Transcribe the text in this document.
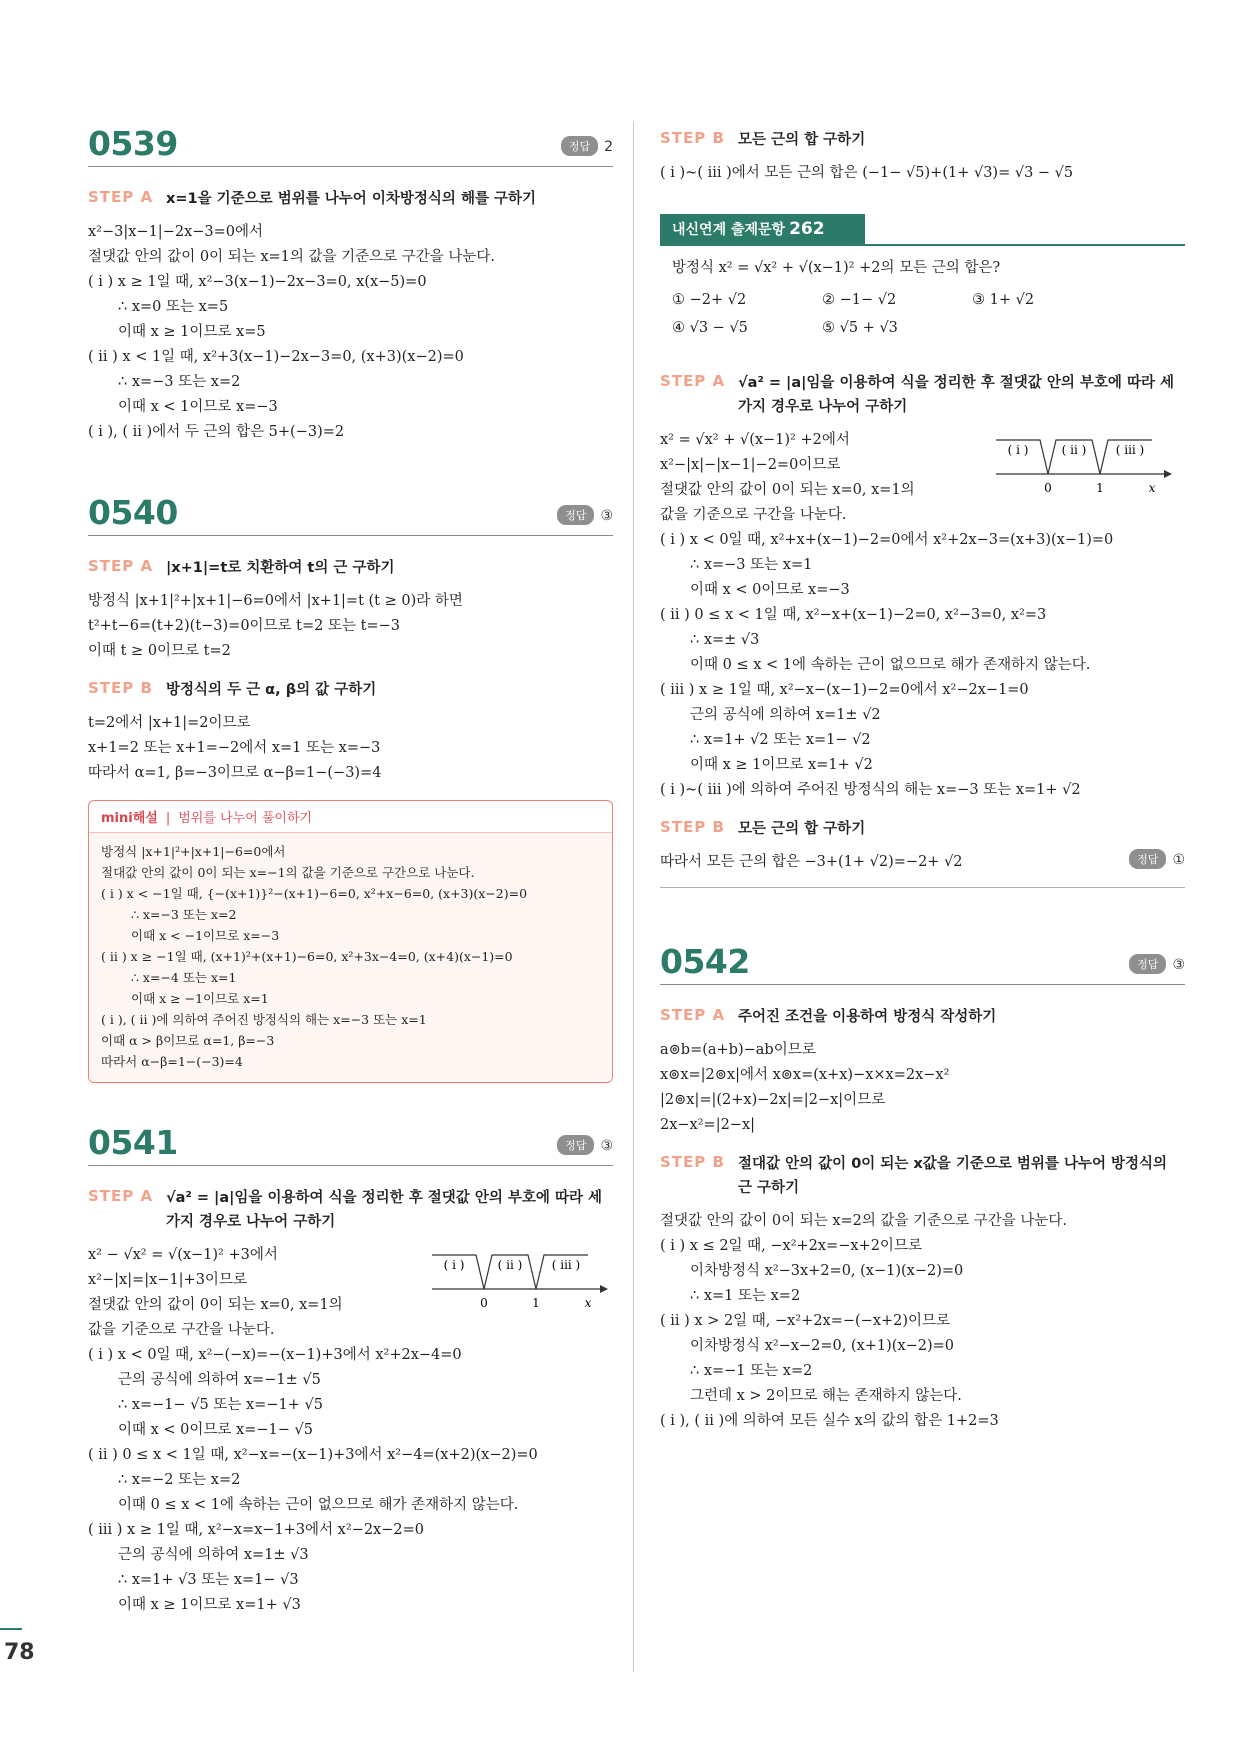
0539	정답 2
STEP A x=1을 기준으로 범위를 나누어 이차방정식의 해를 구하기
x²−3|x−1|−2x−3=0에서
절댓값 안의 값이 0이 되는 x=1의 값을 기준으로 구간을 나눈다.
( i ) x ≥ 1일 때, x²−3(x−1)−2x−3=0, x(x−5)=0
∴ x=0 또는 x=5
이때 x ≥ 1이므로 x=5
( ii ) x < 1일 때, x²+3(x−1)−2x−3=0, (x+3)(x−2)=0
∴ x=−3 또는 x=2
이때 x < 1이므로 x=−3
( i ), ( ii )에서 두 근의 합은 5+(−3)=2
0540	정답 ③
STEP A |x+1|=t로 치환하여 t의 근 구하기
방정식 |x+1|²+|x+1|−6=0에서 |x+1|=t (t ≥ 0)라 하면
t²+t−6=(t+2)(t−3)=0이므로 t=2 또는 t=−3
이때 t ≥ 0이므로 t=2
STEP B 방정식의 두 근 α, β의 값 구하기
t=2에서 |x+1|=2이므로
x+1=2 또는 x+1=−2에서 x=1 또는 x=−3
따라서 α=1, β=−3이므로 α−β=1−(−3)=4
mini해설 | 범위를 나누어 풀이하기
방정식 |x+1|²+|x+1|−6=0에서
절대값 안의 값이 0이 되는 x=−1의 값을 기준으로 구간으로 나눈다.
( i ) x < −1일 때, {−(x+1)}²−(x+1)−6=0, x²+x−6=0, (x+3)(x−2)=0
∴ x=−3 또는 x=2
이때 x < −1이므로 x=−3
( ii ) x ≥ −1일 때, (x+1)²+(x+1)−6=0, x²+3x−4=0, (x+4)(x−1)=0
∴ x=−4 또는 x=1
이때 x ≥ −1이므로 x=1
( i ), ( ii )에 의하여 주어진 방정식의 해는 x=−3 또는 x=1
이때 α > β이므로 α=1, β=−3
따라서 α−β=1−(−3)=4
0541	정답 ③
STEP A √a² = |a|임을 이용하여 식을 정리한 후 절댓값 안의 부호에 따라 세 가지 경우로 나누어 구하기
( i )	( ii ) ( iii )
0	1	x
x² − √x² = √(x−1)² +3에서
x²−|x|=|x−1|+3이므로
절댓값 안의 값이 0이 되는 x=0, x=1의
값을 기준으로 구간을 나눈다.
( i ) x < 0일 때, x²−(−x)=−(x−1)+3에서 x²+2x−4=0
근의 공식에 의하여 x=−1± √5
∴ x=−1− √5 또는 x=−1+ √5
이때 x < 0이므로 x=−1− √5
( ii ) 0 ≤ x < 1일 때, x²−x=−(x−1)+3에서 x²−4=(x+2)(x−2)=0
∴ x=−2 또는 x=2
이때 0 ≤ x < 1에 속하는 근이 없으므로 해가 존재하지 않는다.
( iii ) x ≥ 1일 때, x²−x=x−1+3에서 x²−2x−2=0
근의 공식에 의하여 x=1± √3
∴ x=1+ √3 또는 x=1− √3
이때 x ≥ 1이므로 x=1+ √3
STEP B 모든 근의 합 구하기
( i )~( iii )에서 모든 근의 합은 (−1− √5)+(1+ √3)= √3 − √5
내신연계 출제문항 262
방정식 x² = √x² + √(x−1)² +2의 모든 근의 합은?
① −2+ √2	② −1− √2	③ 1+ √2
④ √3 − √5	⑤ √5 + √3
STEP A √a² = |a|임을 이용하여 식을 정리한 후 절댓값 안의 부호에 따라 세 가지 경우로 나누어 구하기
( i )	( ii ) ( iii )
0	1	x
x² = √x² + √(x−1)² +2에서
x²−|x|−|x−1|−2=0이므로
절댓값 안의 값이 0이 되는 x=0, x=1의
값을 기준으로 구간을 나눈다.
( i ) x < 0일 때, x²+x+(x−1)−2=0에서 x²+2x−3=(x+3)(x−1)=0
∴ x=−3 또는 x=1
이때 x < 0이므로 x=−3
( ii ) 0 ≤ x < 1일 때, x²−x+(x−1)−2=0, x²−3=0, x²=3
∴ x=± √3
이때 0 ≤ x < 1에 속하는 근이 없으므로 해가 존재하지 않는다.
( iii ) x ≥ 1일 때, x²−x−(x−1)−2=0에서 x²−2x−1=0
근의 공식에 의하여 x=1± √2
∴ x=1+ √2 또는 x=1− √2
이때 x ≥ 1이므로 x=1+ √2
( i )~( iii )에 의하여 주어진 방정식의 해는 x=−3 또는 x=1+ √2
STEP B 모든 근의 합 구하기
따라서 모든 근의 합은 −3+(1+ √2)=−2+ √2	정답 ①
0542	정답 ③
STEP A 주어진 조건을 이용하여 방정식 작성하기
a⊚b=(a+b)−ab이므로
x⊚x=|2⊚x|에서 x⊚x=(x+x)−x×x=2x−x²
|2⊚x|=|(2+x)−2x|=|2−x|이므로
2x−x²=|2−x|
STEP B 절대값 안의 값이 0이 되는 x값을 기준으로 범위를 나누어 방정식의 근 구하기
절댓값 안의 값이 0이 되는 x=2의 값을 기준으로 구간을 나눈다.
( i ) x ≤ 2일 때, −x²+2x=−x+2이므로
이차방정식 x²−3x+2=0, (x−1)(x−2)=0
∴ x=1 또는 x=2
( ii ) x > 2일 때, −x²+2x=−(−x+2)이므로
이차방정식 x²−x−2=0, (x+1)(x−2)=0
∴ x=−1 또는 x=2
그런데 x > 2이므로 해는 존재하지 않는다.
( i ), ( ii )에 의하여 모든 실수 x의 값의 합은 1+2=3
78
